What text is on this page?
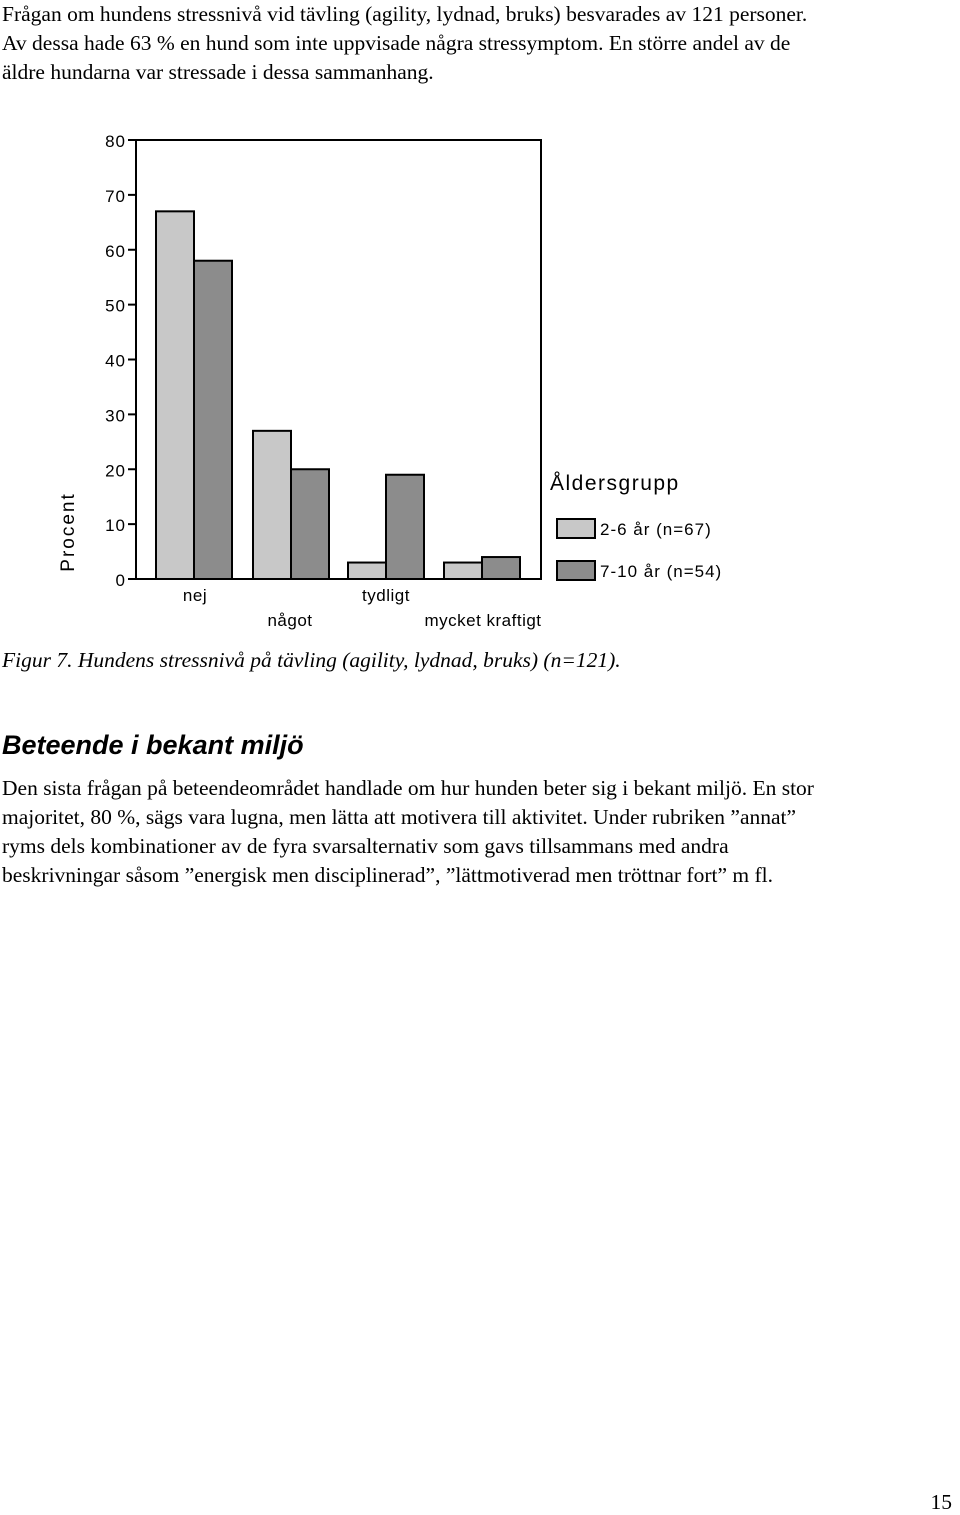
Frågan om hundens stressnivå vid tävling (agility, lydnad, bruks) besvarades av 121 personer.
Av dessa hade 63 % en hund som inte uppvisade några stressymptom. En större andel av de
äldre hundarna var stressade i dessa sammanhang.
0
10
20
30
40
50
60
70
80
nej
något
tydligt
mycket kraftigt
Procent
Åldersgrupp
2-6 år (n=67)
7-10 år (n=54)
Figur 7. Hundens stressnivå på tävling (agility, lydnad, bruks) (n=121).
Beteende i bekant miljö
Den sista frågan på beteendeområdet handlade om hur hunden beter sig i bekant miljö. En stor
majoritet, 80 %, sägs vara lugna, men lätta att motivera till aktivitet. Under rubriken ”annat”
ryms dels kombinationer av de fyra svarsalternativ som gavs tillsammans med andra
beskrivningar såsom ”energisk men disciplinerad”, ”lättmotiverad men tröttnar fort” m fl.
15
